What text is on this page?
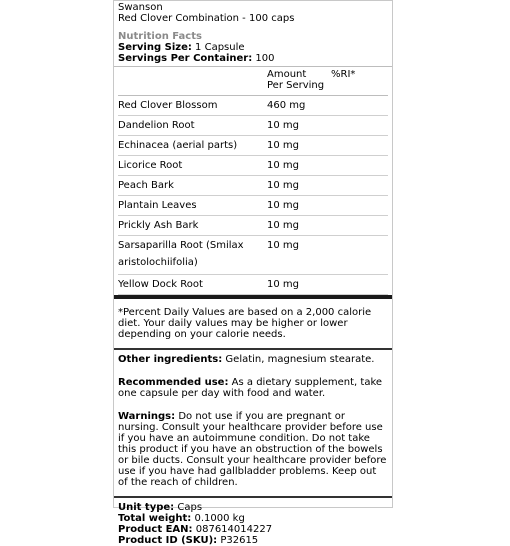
Swanson
Red Clover Combination - 100 caps
Nutrition Facts
Serving Size: 1 Capsule
Servings Per Container: 100
Amount
Per Serving
%RI*
Red Clover Blossom	460 mg
Dandelion Root	10 mg
Echinacea (aerial parts)	10 mg
Licorice Root	10 mg
Peach Bark	10 mg
Plantain Leaves	10 mg
Prickly Ash Bark	10 mg
Sarsaparilla Root (Smilax
aristolochiifolia)	10 mg
Yellow Dock Root	10 mg
*Percent Daily Values are based on a 2,000 calorie diet. Your daily values may be higher or lower depending on your calorie needs.
Other ingredients: Gelatin, magnesium stearate.
Recommended use: As a dietary supplement, take one capsule per day with food and water.
Warnings: Do not use if you are pregnant or nursing. Consult your healthcare provider before use if you have an autoimmune condition. Do not take this product if you have an obstruction of the bowels or bile ducts. Consult your healthcare provider before use if you have had gallbladder problems. Keep out of the reach of children.
Unit type: Caps
Total weight: 0.1000 kg
Product EAN: 087614014227
Product ID (SKU): P32615
